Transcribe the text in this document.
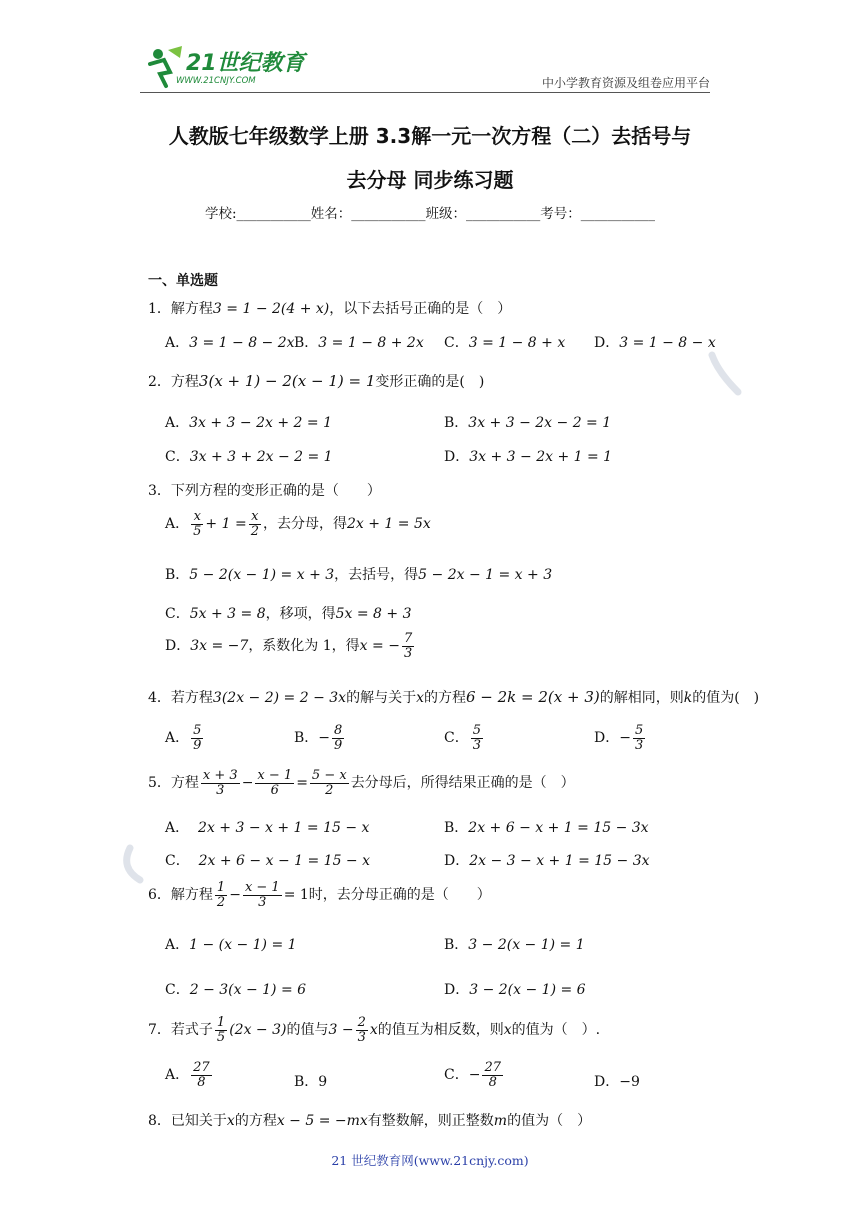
21世纪教育
WWW.21CNJY.COM	中小学教育资源及组卷应用平台
人教版七年级数学上册 3.3解一元一次方程（二）去括号与
去分母 同步练习题
学校:___________姓名：___________班级：___________考号：___________
一、单选题
1．解方程3 = 1 − 2(4 + x)，以下去括号正确的是（　）
A．3 = 1 − 8 − 2x B．3 = 1 − 8 + 2x C．3 = 1 − 8 + x D．3 = 1 − 8 − x
2．方程3(x + 1) − 2(x − 1) = 1变形正确的是(　)
A．3x + 3 − 2x + 2 = 1	B．3x + 3 − 2x − 2 = 1
C．3x + 3 + 2x − 2 = 1	D．3x + 3 − 2x + 1 = 1
3．下列方程的变形正确的是（　　）
A． $\frac{x}{5} + 1 = \frac{x}{2}$ ，去分母，得2x + 1 = 5x
B．5 − 2(x − 1) = x + 3，去括号，得5 − 2x − 1 = x + 3
C．5x + 3 = 8，移项，得5x = 8 + 3
D．3x = −7，系数化为 1，得x = − $\frac{7}{3}$
4．若方程3(2x − 2) = 2 − 3x的解与关于x的方程6 − 2k = 2(x + 3)的解相同，则k的值为(　)
A． $\frac{5}{9}$	B．− $\frac{8}{9}$	C． $\frac{5}{3}$	D．− $\frac{5}{3}$
5．方程 $\frac{x + 3}{3} - \frac{x - 1}{6} = \frac{5 - x}{2}$ 去分母后，所得结果正确的是（　）
A． 2x + 3 − x + 1 = 15 − x	B．2x + 6 − x + 1 = 15 − 3x
C． 2x + 6 − x − 1 = 15 − x	D．2x − 3 − x + 1 = 15 − 3x
6．解方程 $\frac{1}{2} - \frac{x - 1}{3} = 1$时，去分母正确的是（　　）
A．1 − (x − 1) = 1	B．3 − 2(x − 1) = 1
C．2 − 3(x − 1) = 6	D．3 − 2(x − 1) = 6
7．若式子 $\frac{1}{5} (2x - 3)$的值与$3 - \frac{2}{3}$ x的值互为相反数，则x的值为（　）.
A． $\frac{27}{8}$	B．9	C．− $\frac{27}{8}$	D．−9
8．已知关于x的方程x − 5 = −mx有整数解，则正整数m的值为（　）
21 世纪教育网(www.21cnjy.com)
